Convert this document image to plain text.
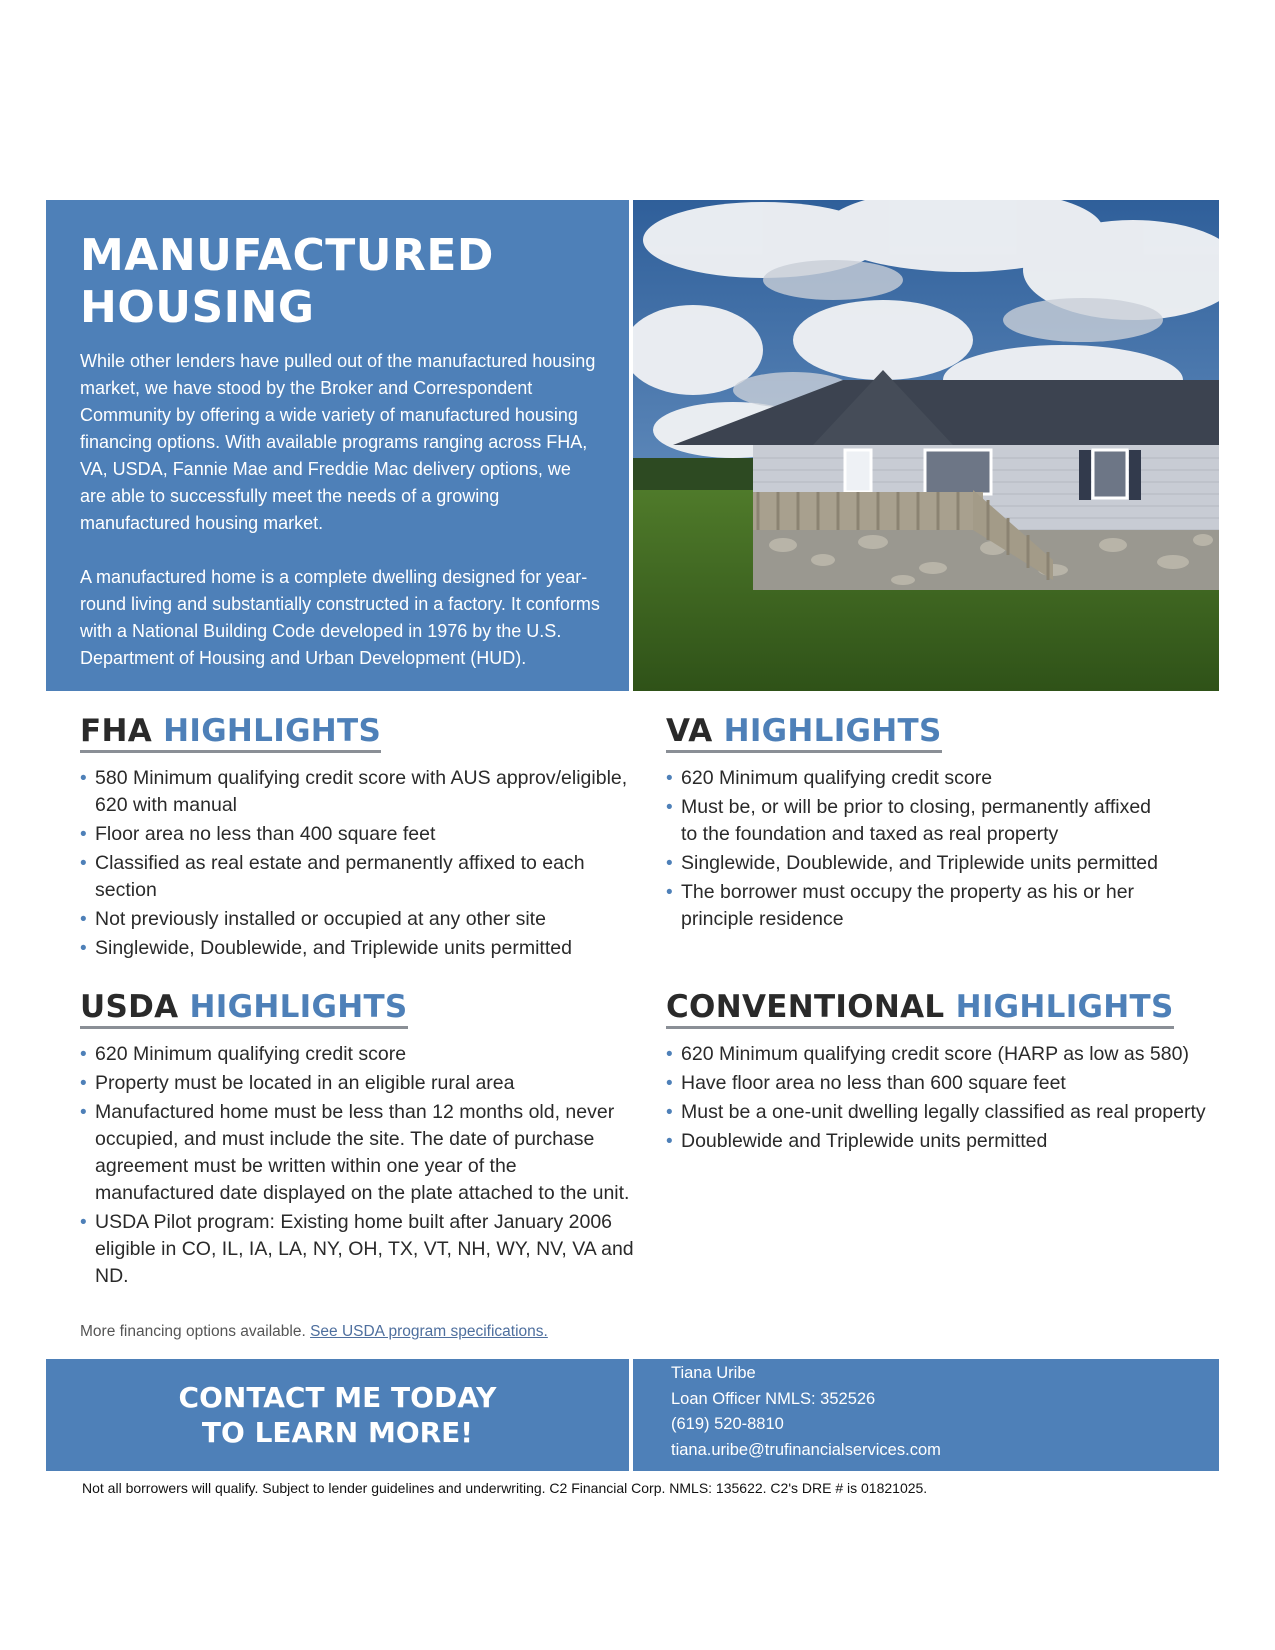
MANUFACTURED
HOUSING

While other lenders have pulled out of the manufactured housing market, we have stood by the Broker and Correspondent Community by offering a wide variety of manufactured housing financing options. With available programs ranging across FHA, VA, USDA, Fannie Mae and Freddie Mac delivery options, we are able to successfully meet the needs of a growing manufactured housing market.

A manufactured home is a complete dwelling designed for year-round living and substantially constructed in a factory. It conforms with a National Building Code developed in 1976 by the U.S. Department of Housing and Urban Development (HUD).

FHA HIGHLIGHTS
• 580 Minimum qualifying credit score with AUS approv/eligible, 620 with manual
• Floor area no less than 400 square feet
• Classified as real estate and permanently affixed to each section
• Not previously installed or occupied at any other site
• Singlewide, Doublewide, and Triplewide units permitted
VA HIGHLIGHTS
• 620 Minimum qualifying credit score
• Must be, or will be prior to closing, permanently affixed to the foundation and taxed as real property
• Singlewide, Doublewide, and Triplewide units permitted
• The borrower must occupy the property as his or her principle residence
USDA HIGHLIGHTS
• 620 Minimum qualifying credit score
• Property must be located in an eligible rural area
• Manufactured home must be less than 12 months old, never occupied, and must include the site. The date of purchase agreement must be written within one year of the manufactured date displayed on the plate attached to the unit.
• USDA Pilot program: Existing home built after January 2006 eligible in CO, IL, IA, LA, NY, OH, TX, VT, NH, WY, NV, VA and ND.
CONVENTIONAL HIGHLIGHTS
• 620 Minimum qualifying credit score (HARP as low as 580)
• Have floor area no less than 600 square feet
• Must be a one-unit dwelling legally classified as real property
• Doublewide and Triplewide units permitted
More financing options available. See USDA program specifications.
CONTACT ME TODAY
TO LEARN MORE!
Tiana Uribe
Loan Officer NMLS: 352526
(619) 520-8810
tiana.uribe@trufinancialservices.com
Not all borrowers will qualify. Subject to lender guidelines and underwriting. C2 Financial Corp. NMLS: 135622. C2's DRE # is 01821025.
